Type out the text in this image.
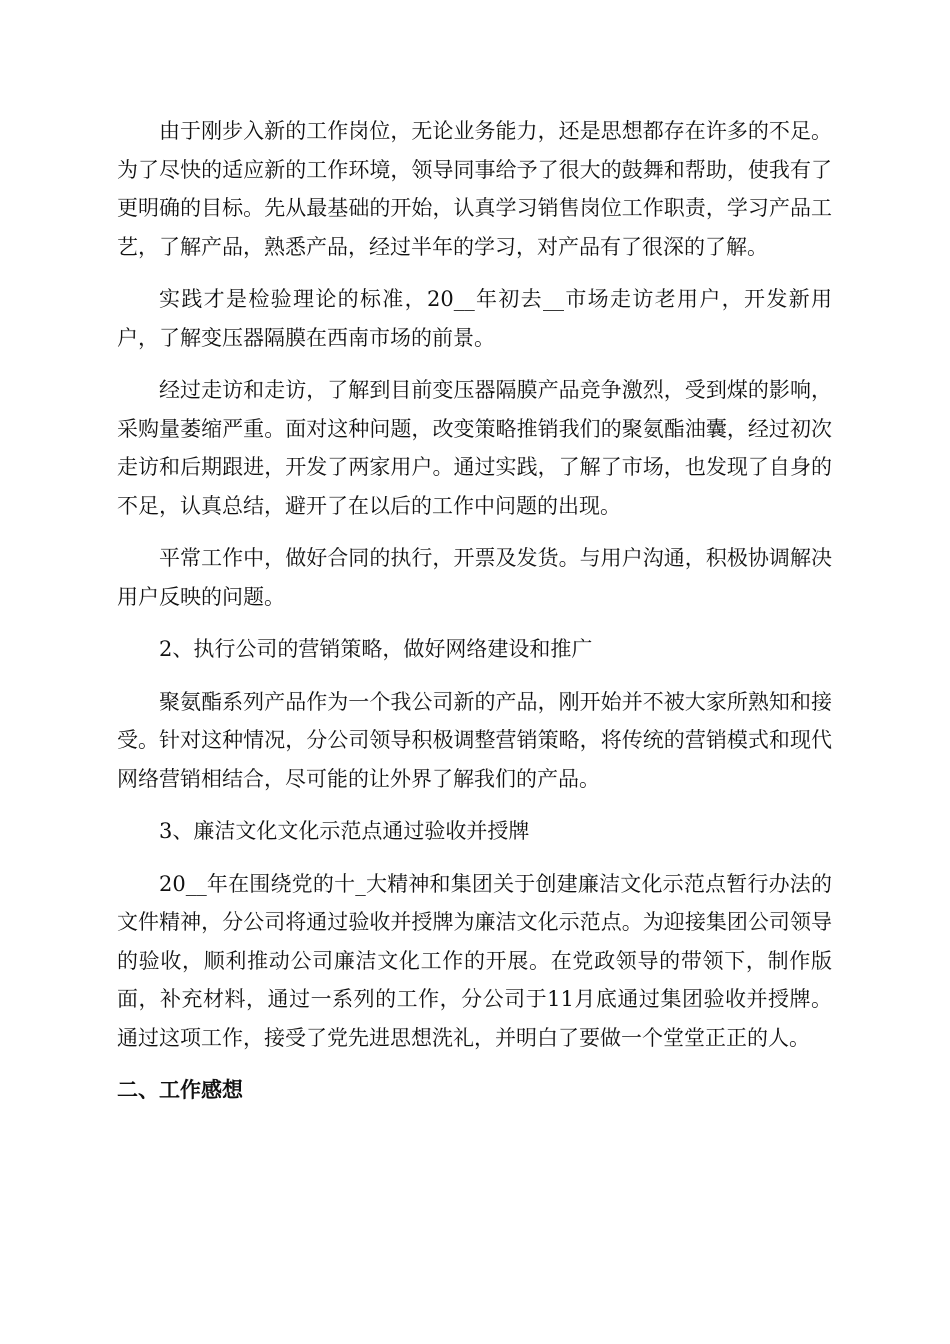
由于刚步入新的工作岗位，无论业务能力，还是思想都存在许多的不足。为了尽快的适应新的工作环境，领导同事给予了很大的鼓舞和帮助，使我有了更明确的目标。先从最基础的开始，认真学习销售岗位工作职责，学习产品工艺，了解产品，熟悉产品，经过半年的学习，对产品有了很深的了解。

实践才是检验理论的标准，20__年初去__市场走访老用户，开发新用户，了解变压器隔膜在西南市场的前景。

经过走访和走访，了解到目前变压器隔膜产品竞争激烈，受到煤的影响，采购量萎缩严重。面对这种问题，改变策略推销我们的聚氨酯油囊，经过初次走访和后期跟进，开发了两家用户。通过实践，了解了市场，也发现了自身的不足，认真总结，避开了在以后的工作中问题的出现。

平常工作中，做好合同的执行，开票及发货。与用户沟通，积极协调解决用户反映的问题。

2、执行公司的营销策略，做好网络建设和推广

聚氨酯系列产品作为一个我公司新的产品，刚开始并不被大家所熟知和接受。针对这种情况，分公司领导积极调整营销策略，将传统的营销模式和现代网络营销相结合，尽可能的让外界了解我们的产品。

3、廉洁文化文化示范点通过验收并授牌

20__年在围绕党的十_大精神和集团关于创建廉洁文化示范点暂行办法的文件精神，分公司将通过验收并授牌为廉洁文化示范点。为迎接集团公司领导的验收，顺利推动公司廉洁文化工作的开展。在党政领导的带领下，制作版面，补充材料，通过一系列的工作，分公司于11月底通过集团验收并授牌。通过这项工作，接受了党先进思想洗礼，并明白了要做一个堂堂正正的人。

二、工作感想
